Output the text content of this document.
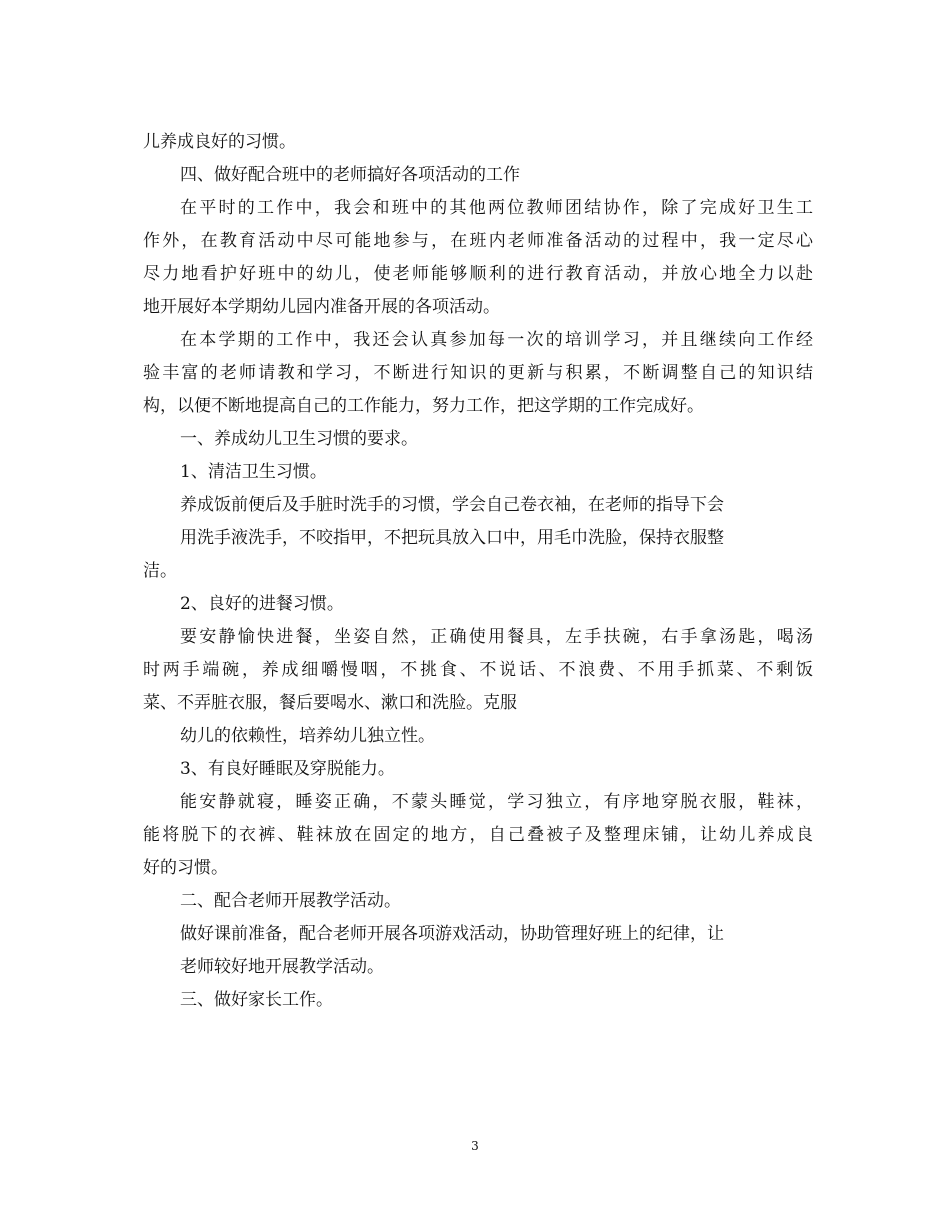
儿养成良好的习惯。
四、做好配合班中的老师搞好各项活动的工作
在平时的工作中，我会和班中的其他两位教师团结协作，除了完成好卫生工
作外，在教育活动中尽可能地参与，在班内老师准备活动的过程中，我一定尽心
尽力地看护好班中的幼儿，使老师能够顺利的进行教育活动，并放心地全力以赴
地开展好本学期幼儿园内准备开展的各项活动。
在本学期的工作中，我还会认真参加每一次的培训学习，并且继续向工作经
验丰富的老师请教和学习，不断进行知识的更新与积累，不断调整自己的知识结
构，以便不断地提高自己的工作能力，努力工作，把这学期的工作完成好。
一、养成幼儿卫生习惯的要求。
1、清洁卫生习惯。
养成饭前便后及手脏时洗手的习惯，学会自己卷衣袖，在老师的指导下会
用洗手液洗手，不咬指甲，不把玩具放入口中，用毛巾洗脸，保持衣服整
洁。
2、良好的进餐习惯。
要安静愉快进餐，坐姿自然，正确使用餐具，左手扶碗，右手拿汤匙，喝汤
时两手端碗，养成细嚼慢咽，不挑食、不说话、不浪费、不用手抓菜、不剩饭
菜、不弄脏衣服，餐后要喝水、漱口和洗脸。克服
幼儿的依赖性，培养幼儿独立性。
3、有良好睡眠及穿脱能力。
能安静就寝，睡姿正确，不蒙头睡觉，学习独立，有序地穿脱衣服，鞋袜，
能将脱下的衣裤、鞋袜放在固定的地方，自己叠被子及整理床铺，让幼儿养成良
好的习惯。
二、配合老师开展教学活动。
做好课前准备，配合老师开展各项游戏活动，协助管理好班上的纪律，让
老师较好地开展教学活动。
三、做好家长工作。
3
